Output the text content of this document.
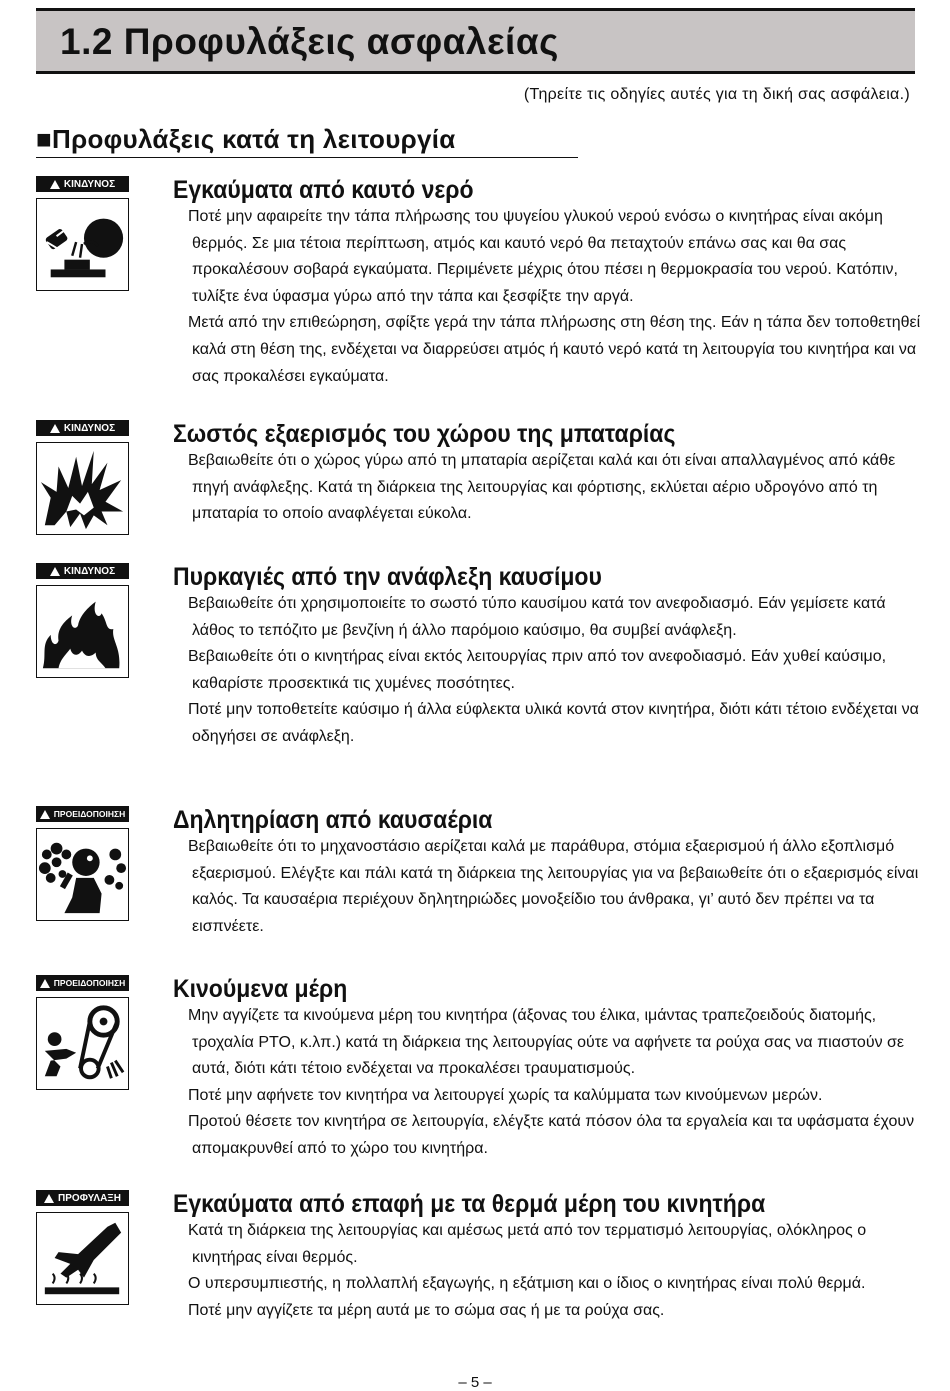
1.2 Προφυλάξεις ασφαλείας
(Τηρείτε τις οδηγίες αυτές για τη δική σας ασφάλεια.)
■Προφυλάξεις κατά τη λειτουργία
ΚΙΝΔΥΝΟΣ Εγκαύματα από καυτό νερό

Ποτέ μην αφαιρείτε την τάπα πλήρωσης του ψυγείου γλυκού νερού ενόσω ο κινητήρας είναι ακόμη θερμός. Σε μια τέτοια περίπτωση, ατμός και καυτό νερό θα πεταχτούν επάνω σας και θα σας προκαλέσουν σοβαρά εγκαύματα. Περιμένετε μέχρις ότου πέσει η θερμοκρασία του νερού. Κατόπιν, τυλίξτε ένα ύφασμα γύρω από την τάπα και ξεσφίξτε την αργά.

Μετά από την επιθεώρηση, σφίξτε γερά την τάπα πλήρωσης στη θέση της. Εάν η τάπα δεν τοποθετηθεί καλά στη θέση της, ενδέχεται να διαρρεύσει ατμός ή καυτό νερό κατά τη λειτουργία του κινητήρα και να σας προκαλέσει εγκαύματα.

ΚΙΝΔΥΝΟΣ Σωστός εξαερισμός του χώρου της μπαταρίας

Βεβαιωθείτε ότι ο χώρος γύρω από τη μπαταρία αερίζεται καλά και ότι είναι απαλλαγμένος από κάθε πηγή ανάφλεξης. Κατά τη διάρκεια της λειτουργίας και φόρτισης, εκλύεται αέριο υδρογόνο από τη μπαταρία το οποίο αναφλέγεται εύκολα.

ΚΙΝΔΥΝΟΣ Πυρκαγιές από την ανάφλεξη καυσίμου

Βεβαιωθείτε ότι χρησιμοποιείτε το σωστό τύπο καυσίμου κατά τον ανεφοδιασμό. Εάν γεμίσετε κατά λάθος το τεπόζιτο με βενζίνη ή άλλο παρόμοιο καύσιμο, θα συμβεί ανάφλεξη.

Βεβαιωθείτε ότι ο κινητήρας είναι εκτός λειτουργίας πριν από τον ανεφοδιασμό. Εάν χυθεί καύσιμο, καθαρίστε προσεκτικά τις χυμένες ποσότητες.

Ποτέ μην τοποθετείτε καύσιμο ή άλλα εύφλεκτα υλικά κοντά στον κινητήρα, διότι κάτι τέτοιο ενδέχεται να οδηγήσει σε ανάφλεξη.

ΠΡΟΕΙΔΟΠΟΙΗΣΗ Δηλητηρίαση από καυσαέρια

Βεβαιωθείτε ότι το μηχανοστάσιο αερίζεται καλά με παράθυρα, στόμια εξαερισμού ή άλλο εξοπλισμό εξαερισμού. Ελέγξτε και πάλι κατά τη διάρκεια της λειτουργίας για να βεβαιωθείτε ότι ο εξαερισμός είναι καλός. Τα καυσαέρια περιέχουν δηλητηριώδες μονοξείδιο του άνθρακα, γι’ αυτό δεν πρέπει να τα εισπνέετε.

ΠΡΟΕΙΔΟΠΟΙΗΣΗ Κινούμενα μέρη

Μην αγγίζετε τα κινούμενα μέρη του κινητήρα (άξονας του έλικα, ιμάντας τραπεζοειδούς διατομής, τροχαλία PTO, κ.λπ.) κατά τη διάρκεια της λειτουργίας ούτε να αφήνετε τα ρούχα σας να πιαστούν σε αυτά, διότι κάτι τέτοιο ενδέχεται να προκαλέσει τραυματισμούς.

Ποτέ μην αφήνετε τον κινητήρα να λειτουργεί χωρίς τα καλύμματα των κινούμενων μερών.

Προτού θέσετε τον κινητήρα σε λειτουργία, ελέγξτε κατά πόσον όλα τα εργαλεία και τα υφάσματα έχουν απομακρυνθεί από το χώρο του κινητήρα.

ΠΡΟΦΥΛΑΞΗ Εγκαύματα από επαφή με τα θερμά μέρη του κινητήρα

Κατά τη διάρκεια της λειτουργίας και αμέσως μετά από τον τερματισμό λειτουργίας, ολόκληρος ο κινητήρας είναι θερμός.

Ο υπερσυμπιεστής, η πολλαπλή εξαγωγής, η εξάτμιση και ο ίδιος ο κινητήρας είναι πολύ θερμά.

Ποτέ μην αγγίζετε τα μέρη αυτά με το σώμα σας ή με τα ρούχα σας.

– 5 –
